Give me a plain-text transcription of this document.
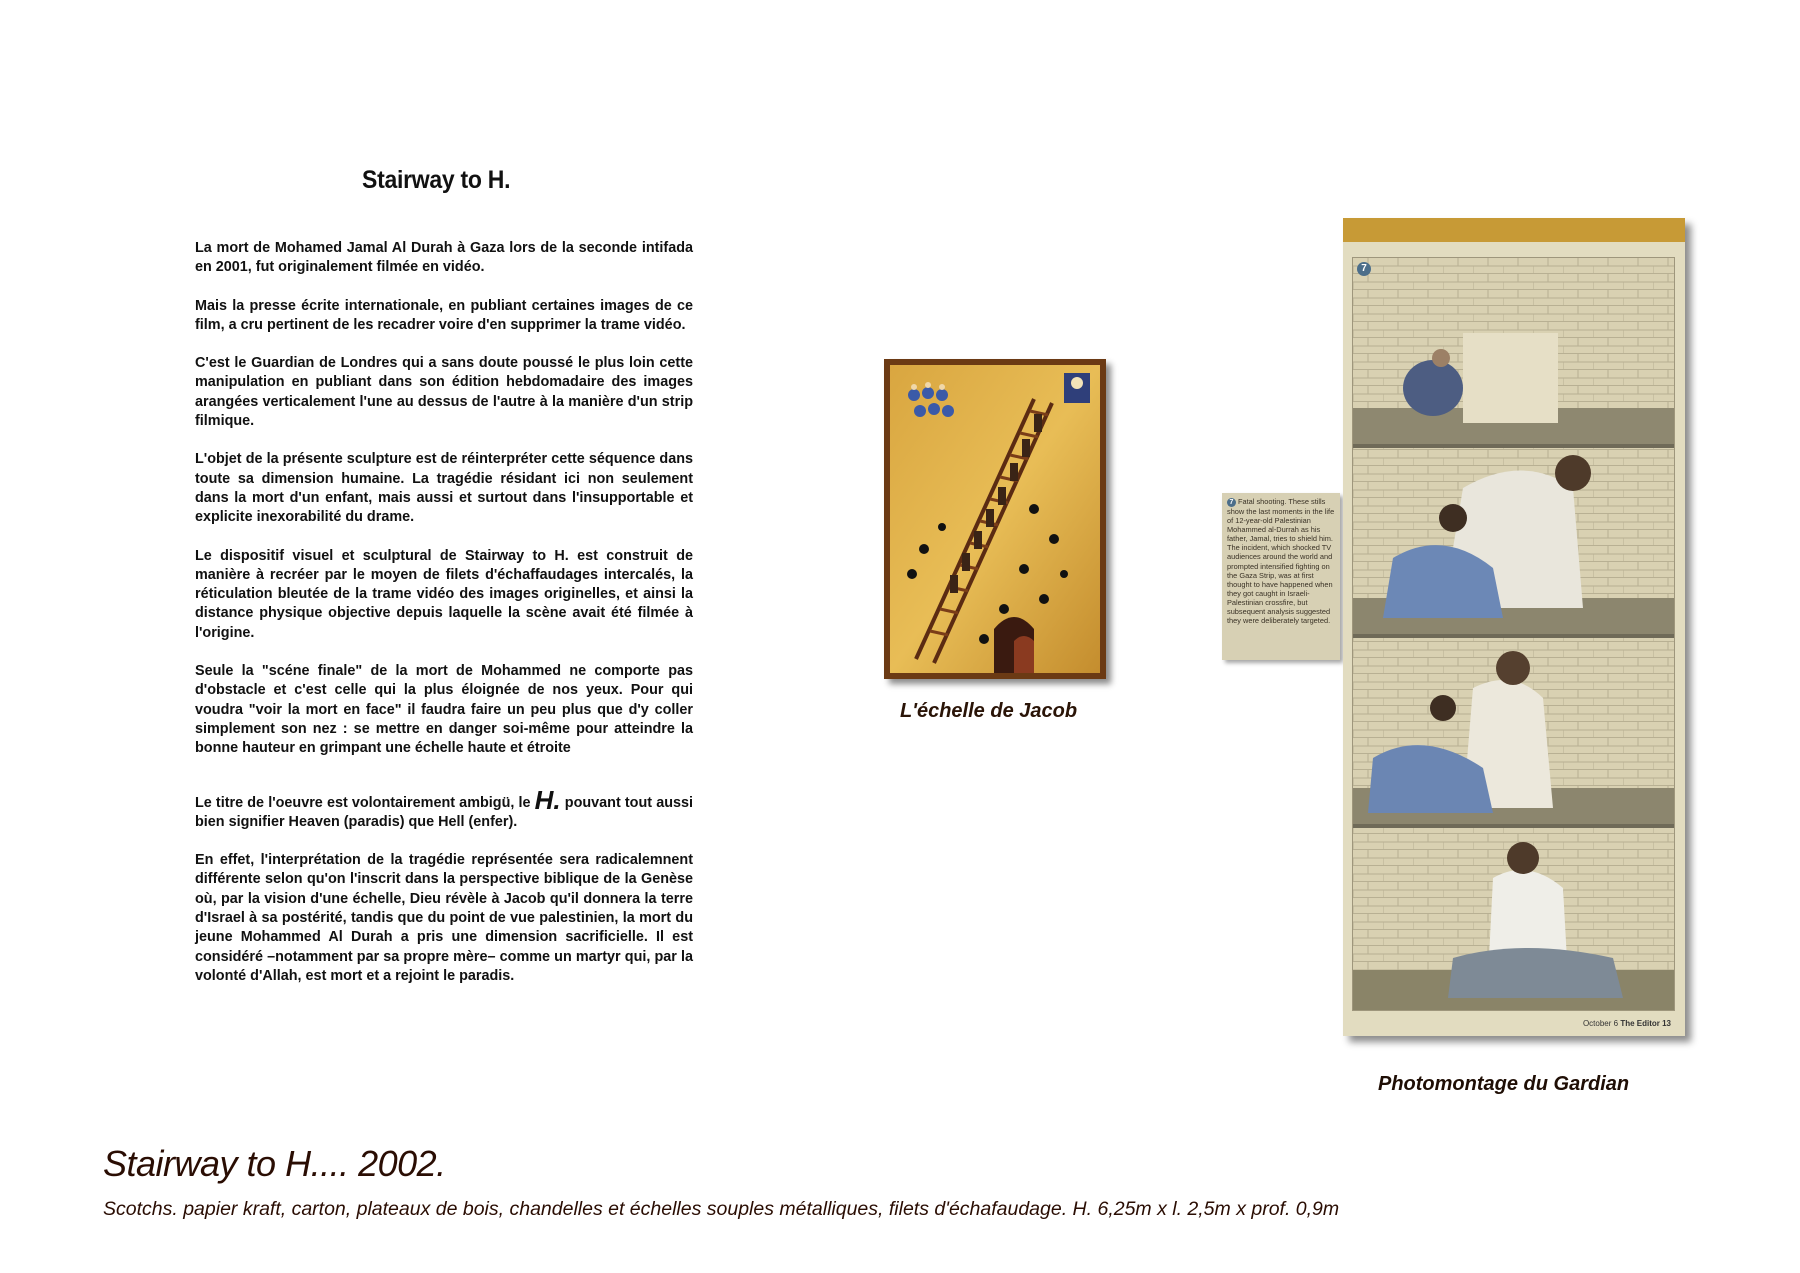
Stairway to H.

La mort de Mohamed Jamal Al Durah à Gaza lors de la seconde intifada en 2001, fut originalement filmée en vidéo.

Mais la presse écrite internationale, en publiant certaines images de ce film, a cru pertinent de les recadrer voire d'en supprimer la trame vidéo.

C'est le Guardian de Londres qui a sans doute poussé le plus loin cette manipulation en publiant dans son édition hebdomadaire des images arangées verticalement l'une au dessus de l'autre à la manière d'un strip filmique.

L'objet de la présente sculpture est de réinterpréter cette séquence dans toute sa dimension humaine. La tragédie résidant ici non seulement dans la mort d'un enfant, mais aussi et surtout dans l'insupportable et explicite inexorabilité du drame.

Le dispositif visuel et sculptural de Stairway to H. est construit de manière à recréer par le moyen de filets d'échaffaudages intercalés, la réticulation bleutée de la trame vidéo des images originelles, et ainsi la distance physique objective depuis laquelle la scène avait été filmée à l'origine.

Seule la "scéne finale" de la mort de Mohammed ne comporte pas d'obstacle et c'est celle qui la plus éloignée de nos yeux. Pour qui voudra "voir la mort en face" il faudra faire un peu plus que d'y coller simplement son nez : se mettre en danger soi-même pour atteindre la bonne hauteur en grimpant une échelle haute et étroite

Le titre de l'oeuvre est volontairement ambigü, le H. pouvant tout aussi bien signifier Heaven (paradis) que Hell (enfer).

En effet, l'interprétation de la tragédie représentée sera radicalemnent différente selon qu'on l'inscrit dans la perspective biblique de la Genèse où, par la vision d'une échelle, Dieu révèle à Jacob qu'il donnera la terre d'Israel à sa postérité, tandis que du point de vue palestinien, la mort du jeune Mohammed Al Durah a pris une dimension sacrificielle. Il est considéré –notamment par sa propre mère– comme un martyr qui, par la volonté d'Allah, est mort et a rejoint le paradis.

L'échelle de Jacob
7 Fatal shooting. These stills show the last moments in the life of 12-year-old Palestinian Mohammed al-Durrah as his father, Jamal, tries to shield him. The incident, which shocked TV audiences around the world and prompted intensified fighting on the Gaza Strip, was at first thought to have happened when they got caught in Israeli-Palestinian crossfire, but subsequent analysis suggested they were deliberately targeted.
7
October 6 The Editor 13
Photomontage du Gardian
Stairway to H.... 2002.
Scotchs. papier kraft, carton, plateaux de bois, chandelles et échelles souples métalliques, filets d'échafaudage. H. 6,25m x l. 2,5m x prof. 0,9m
